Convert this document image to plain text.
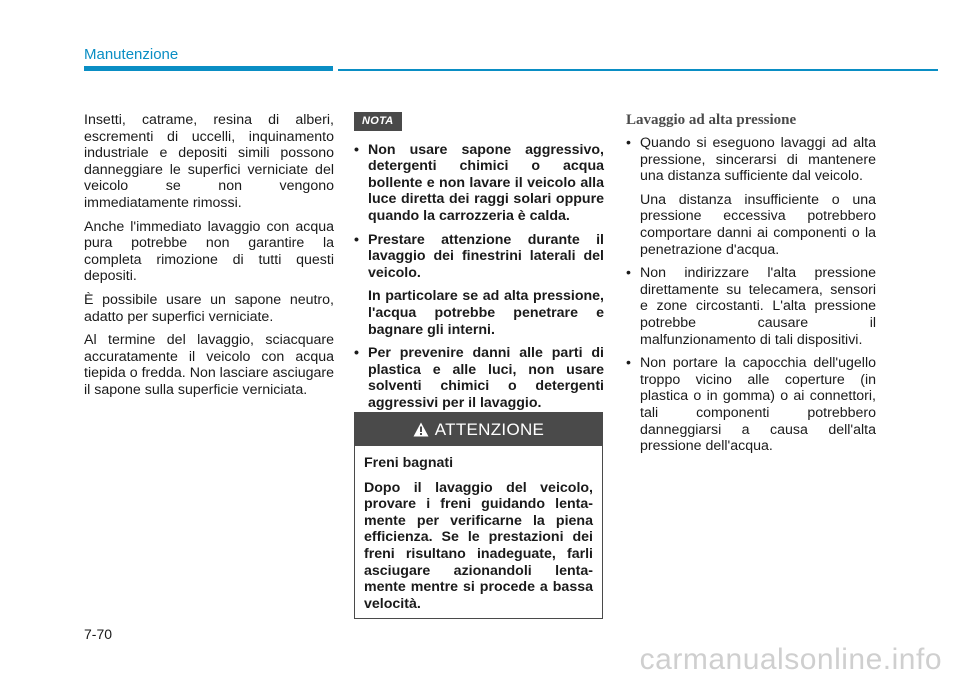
Manutenzione

Insetti, catrame, resina di alberi, escrementi di uccelli, inquinamento industriale e depositi simili possono danneggiare le superfici verniciate del veicolo se non vengono immediatamente rimossi.

Anche l'immediato lavaggio con acqua pura potrebbe non garantire la completa rimozione di tutti questi depositi.

È possibile usare un sapone neutro, adatto per superfici verniciate.

Al termine del lavaggio, sciacquare accuratamente il veicolo con acqua tiepida o fredda. Non lasciare asciugare il sapone sulla superficie verniciata.

NOTA
• Non usare sapone aggressivo, detergenti chimici o acqua bollente e non lavare il veicolo alla luce diretta dei raggi solari oppure quando la carrozzeria è calda.
• Prestare attenzione durante il lavaggio dei finestrini laterali del veicolo.
In particolare se ad alta pressione, l'acqua potrebbe penetrare e bagnare gli interni.
• Per prevenire danni alle parti di plastica e alle luci, non usare solventi chimici o detergenti aggressivi per il lavaggio.
ATTENZIONE

Freni bagnati

Dopo il lavaggio del veicolo, provare i freni guidando lenta-mente per verificarne la piena efficienza. Se le prestazioni dei freni risultano inadeguate, farli asciugare azionandoli lenta-mente mentre si procede a bassa velocità.

Lavaggio ad alta pressione
• Quando si eseguono lavaggi ad alta pressione, sincerarsi di mantenere una distanza sufficiente dal veicolo.
Una distanza insufficiente o una pressione eccessiva potrebbero comportare danni ai componenti o la penetrazione d'acqua.
• Non indirizzare l'alta pressione direttamente su telecamera, sensori e zone circostanti. L'alta pressione potrebbe causare il malfunzionamento di tali dispositivi.
• Non portare la capocchia dell'ugello troppo vicino alle coperture (in plastica o in gomma) o ai connettori, tali componenti potrebbero danneggiarsi a causa dell'alta pressione dell'acqua.
7-70
carmanualsonline.info
